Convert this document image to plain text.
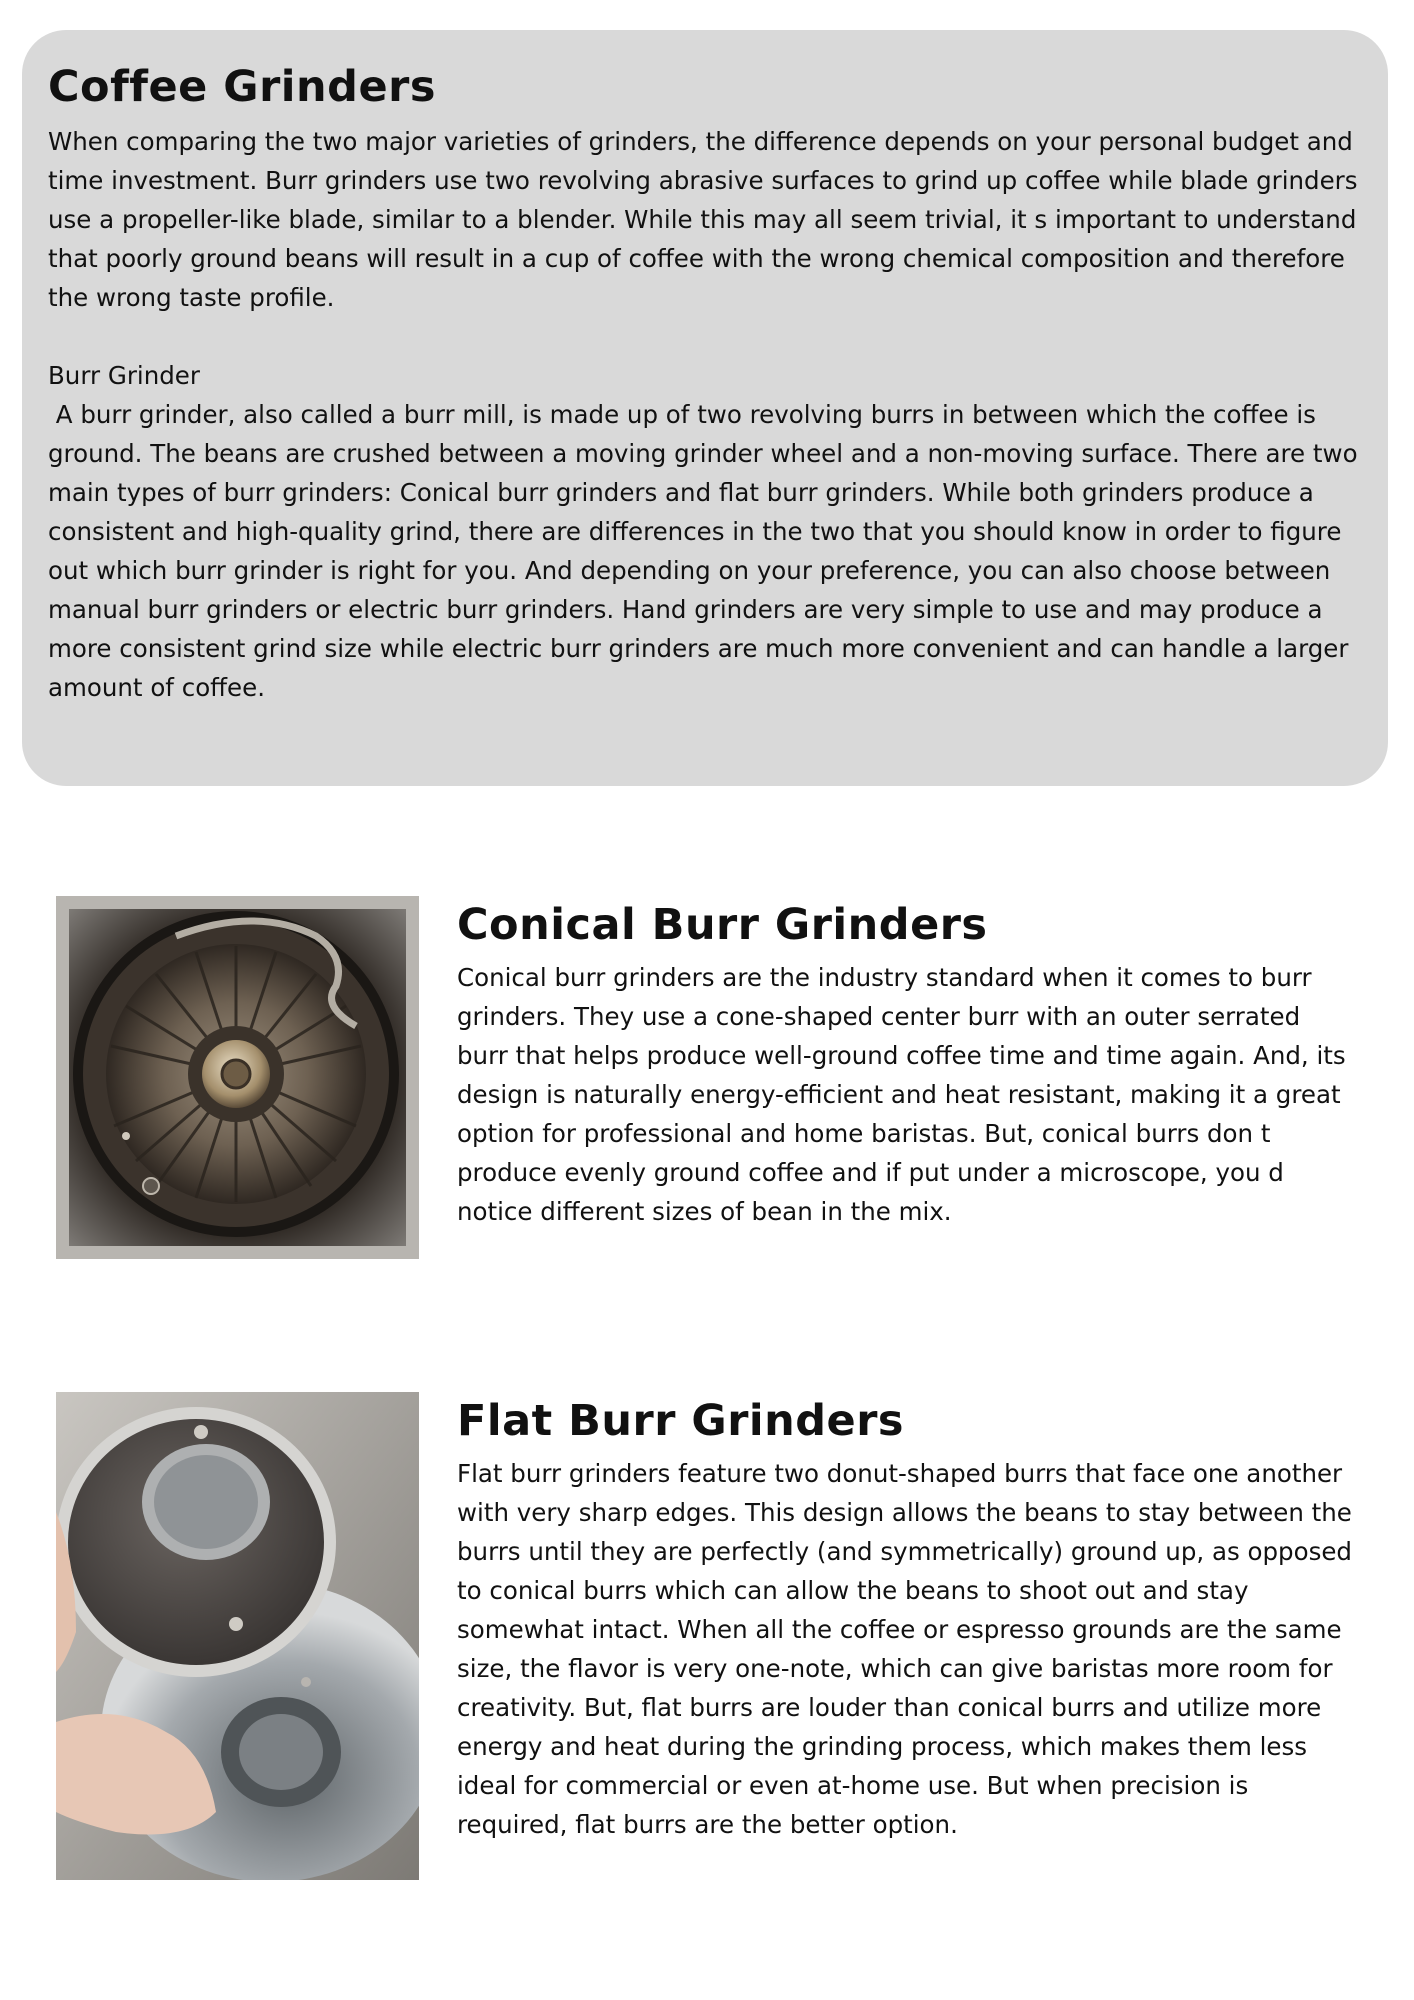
Coffee Grinders

When comparing the two major varieties of grinders, the difference depends on your personal budget and time investment. Burr grinders use two revolving abrasive surfaces to grind up coffee while blade grinders use a propeller-like blade, similar to a blender. While this may all seem trivial, it s important to understand that poorly ground beans will result in a cup of coffee with the wrong chemical composition and therefore the wrong taste profile.

Burr Grinder

A burr grinder, also called a burr mill, is made up of two revolving burrs in between which the coffee is ground. The beans are crushed between a moving grinder wheel and a non-moving surface. There are two main types of burr grinders: Conical burr grinders and flat burr grinders. While both grinders produce a consistent and high-quality grind, there are differences in the two that you should know in order to figure out which burr grinder is right for you. And depending on your preference, you can also choose between manual burr grinders or electric burr grinders. Hand grinders are very simple to use and may produce a more consistent grind size while electric burr grinders are much more convenient and can handle a larger amount of coffee.

Conical Burr Grinders

Conical burr grinders are the industry standard when it comes to burr grinders. They use a cone-shaped center burr with an outer serrated burr that helps produce well-ground coffee time and time again. And, its design is naturally energy-efficient and heat resistant, making it a great option for professional and home baristas. But, conical burrs don t produce evenly ground coffee and if put under a microscope, you d notice different sizes of bean in the mix.

Flat Burr Grinders

Flat burr grinders feature two donut-shaped burrs that face one another with very sharp edges. This design allows the beans to stay between the burrs until they are perfectly (and symmetrically) ground up, as opposed to conical burrs which can allow the beans to shoot out and stay somewhat intact. When all the coffee or espresso grounds are the same size, the flavor is very one-note, which can give baristas more room for creativity. But, flat burrs are louder than conical burrs and utilize more energy and heat during the grinding process, which makes them less ideal for commercial or even at-home use. But when precision is required, flat burrs are the better option.
